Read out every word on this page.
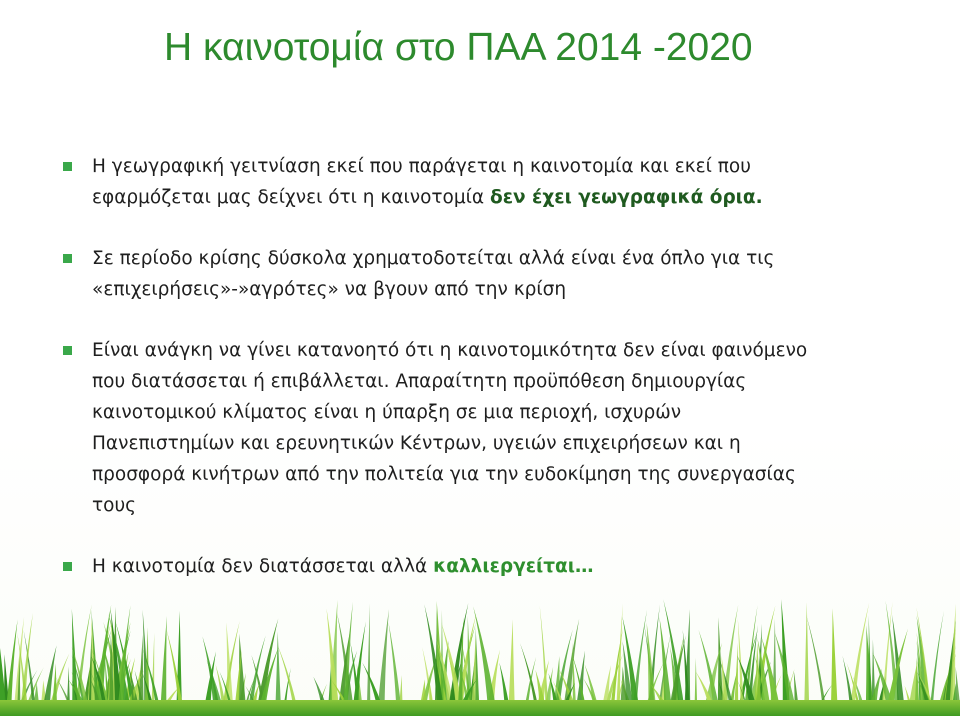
Η καινοτομία στο ΠΑΑ 2014 -2020
Η γεωγραφική γειτνίαση εκεί που παράγεται η καινοτομία και εκεί που
εφαρμόζεται μας δείχνει ότι η καινοτομία δεν έχει γεωγραφικά όρια.
Σε περίοδο κρίσης δύσκολα χρηματοδοτείται αλλά είναι ένα όπλο για τις
«επιχειρήσεις»-»αγρότες» να βγουν από την κρίση
Είναι ανάγκη να γίνει κατανοητό ότι η καινοτομικότητα δεν είναι φαινόμενο
που διατάσσεται ή επιβάλλεται. Απαραίτητη προϋπόθεση δημιουργίας
καινοτομικού κλίματος είναι η ύπαρξη σε μια περιοχή, ισχυρών
Πανεπιστημίων και ερευνητικών Κέντρων, υγειών επιχειρήσεων και η
προσφορά κινήτρων από την πολιτεία για την ευδοκίμηση της συνεργασίας
τους
Η καινοτομία δεν διατάσσεται αλλά καλλιεργείται…
